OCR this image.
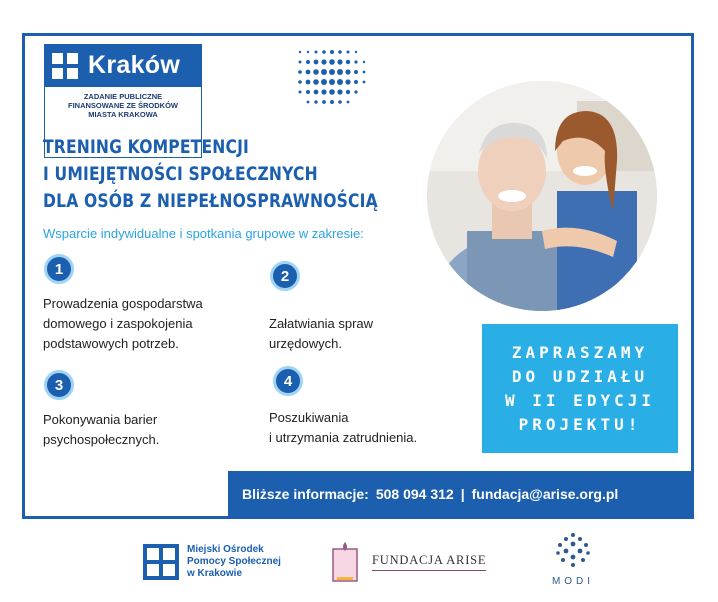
Kraków
ZADANIE PUBLICZNE
FINANSOWANE ZE ŚRODKÓW
MIASTA KRAKOWA
TRENING KOMPETENCJI
I UMIEJĘTNOŚCI SPOŁECZNYCH
DLA OSÓB Z NIEPEŁNOSPRAWNOŚCIĄ
Wsparcie indywidualne i spotkania grupowe w zakresie:
1
Prowadzenia gospodarstwa
domowego i zaspokojenia
podstawowych potrzeb.
2
Załatwiania spraw
urzędowych.
3
Pokonywania barier
psychospołecznych.
4
Poszukiwania
i utrzymania zatrudnienia.
ZAPRASZAMY
DO UDZIAŁU
W II EDYCJI
PROJEKTU!
Bliższe informacje: 508 094 312 | fundacja@arise.org.pl
Miejski Ośrodek
Pomocy Społecznej
w Krakowie
FUNDACJA ARISE
MODI
